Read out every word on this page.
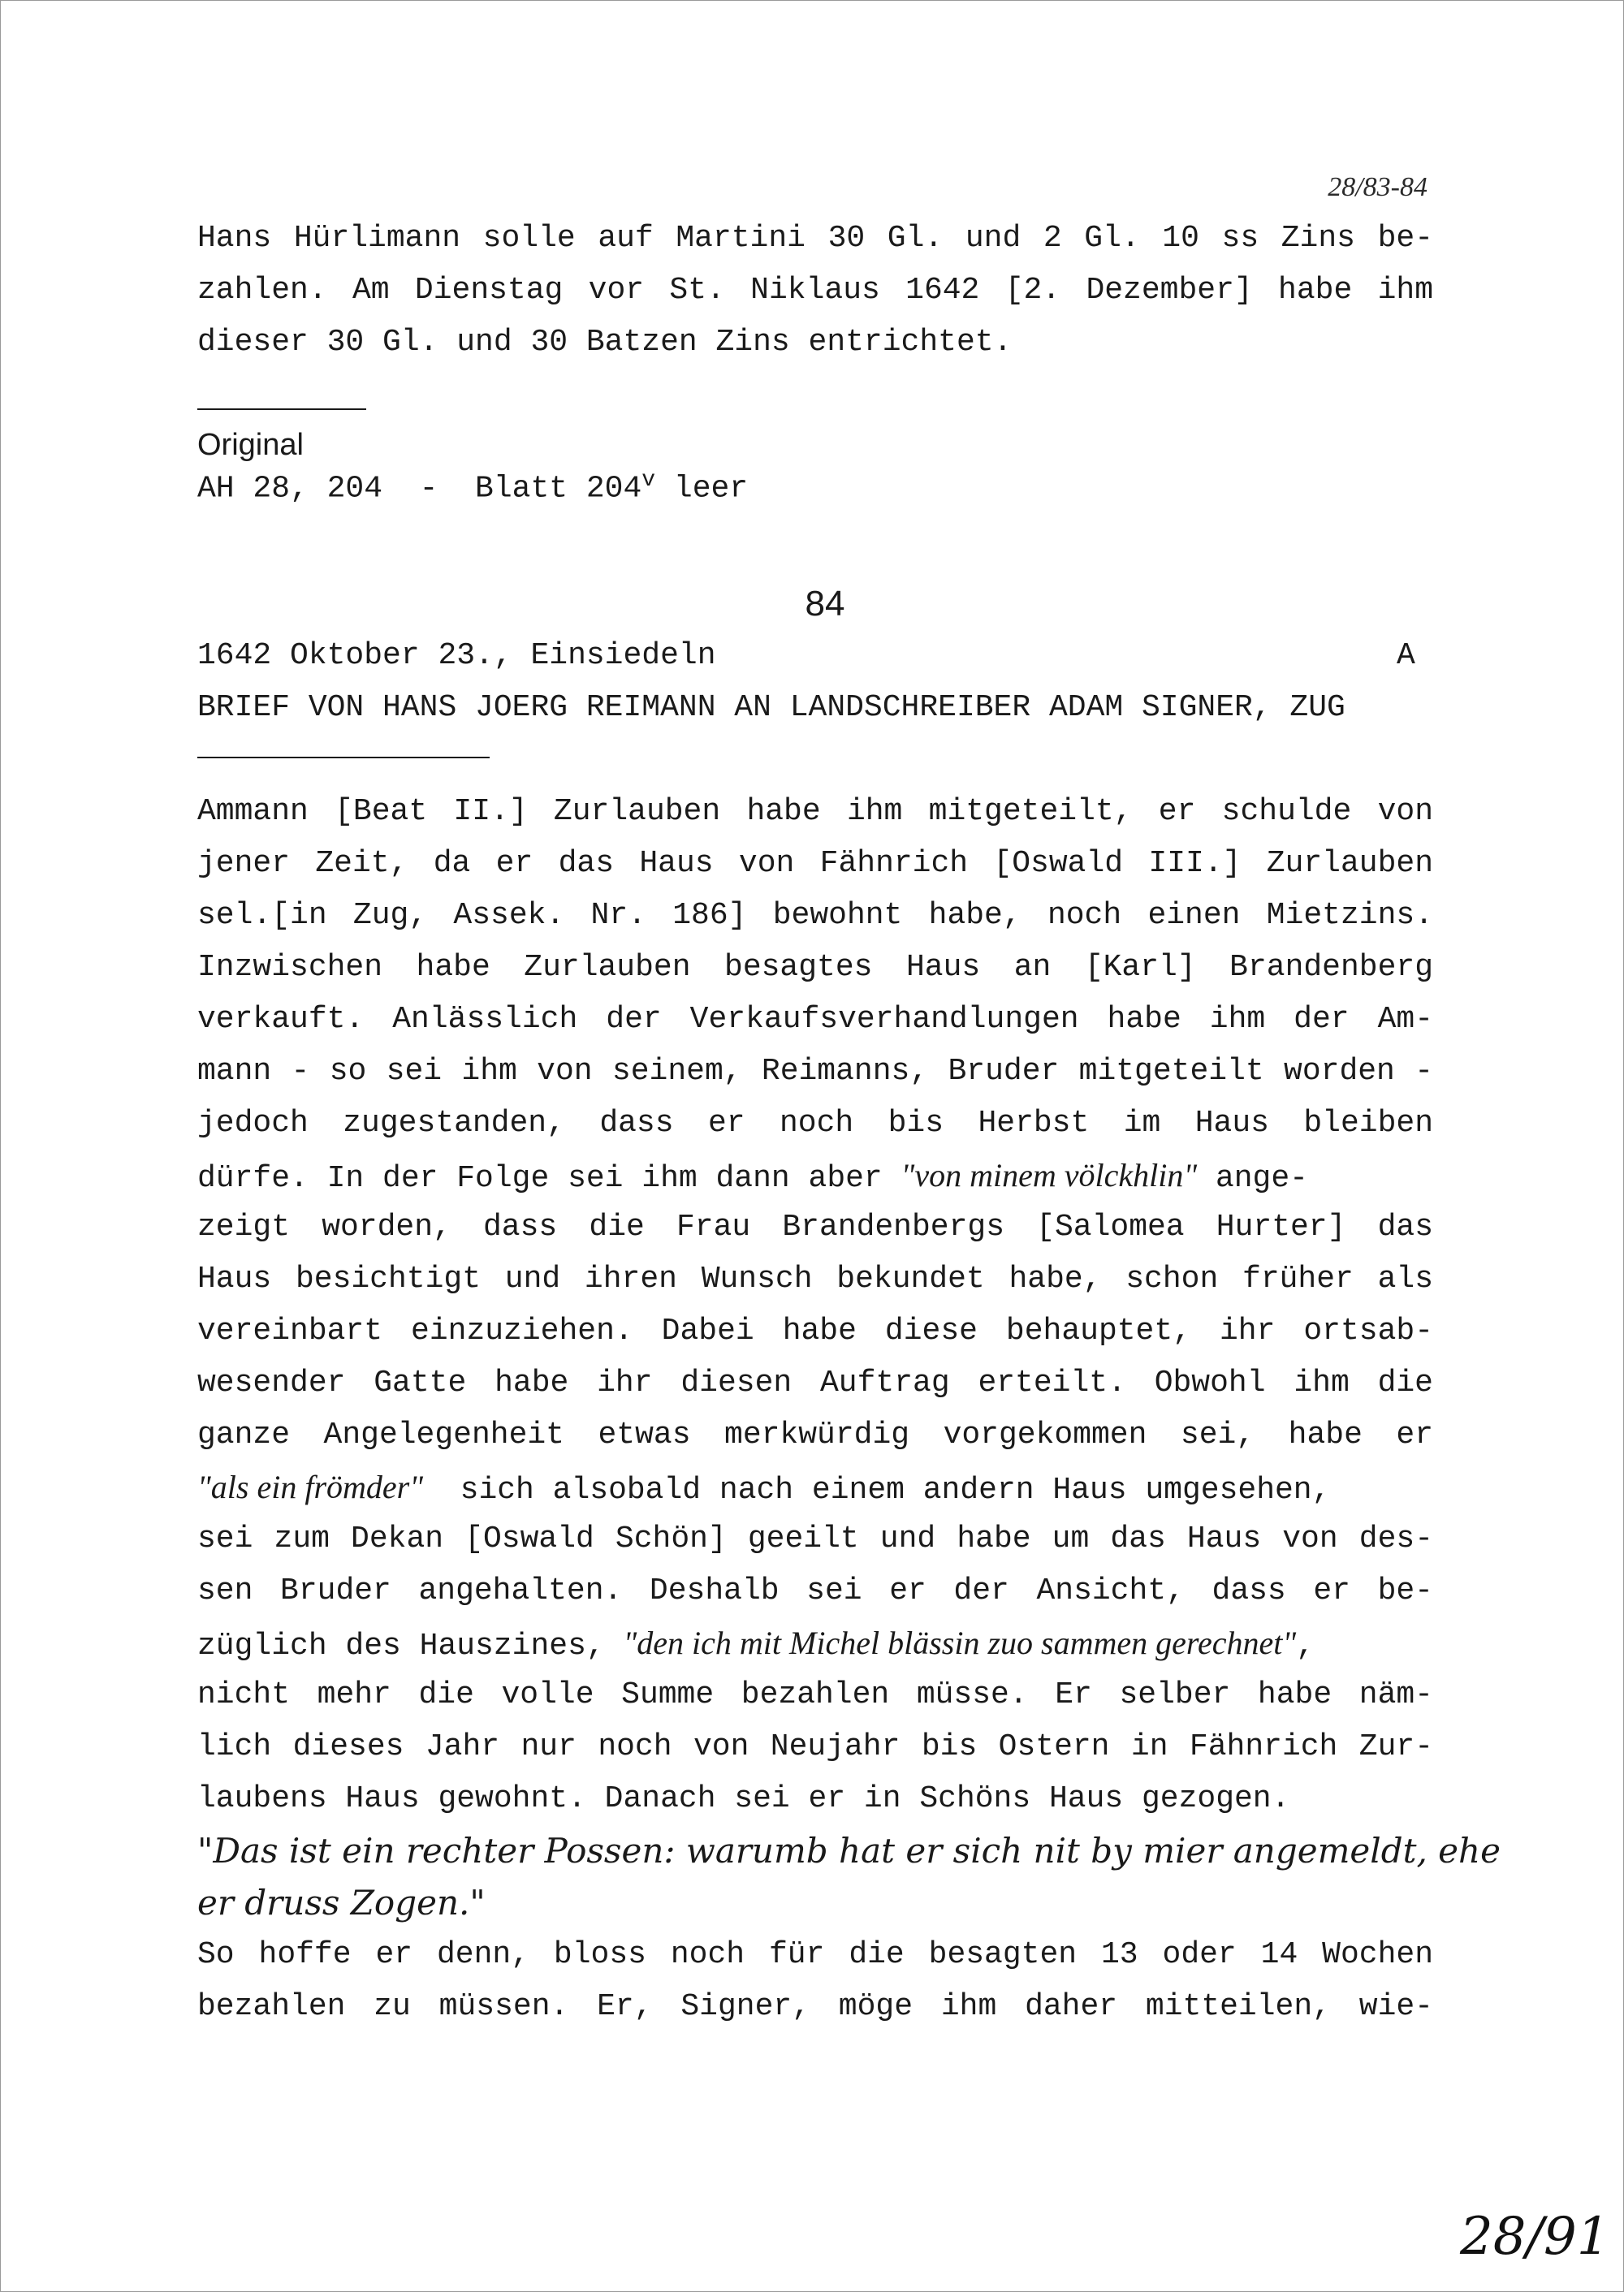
28/83-84
Hans Hürlimann solle auf Martini 30 Gl. und 2 Gl. 10 ss Zins be-
zahlen. Am Dienstag vor St. Niklaus 1642 [2. Dezember] habe ihm
dieser 30 Gl. und 30 Batzen Zins entrichtet.
Original
AH 28, 204  -  Blatt 204$^v$ leer
84
1642 Oktober 23., Einsiedeln	A
BRIEF VON HANS JOERG REIMANN AN LANDSCHREIBER ADAM SIGNER, ZUG
Ammann [Beat II.] Zurlauben habe ihm mitgeteilt, er schulde von
jener Zeit, da er das Haus von Fähnrich [Oswald III.] Zurlauben
sel.[in Zug, Assek. Nr. 186] bewohnt habe, noch einen Mietzins.
Inzwischen habe Zurlauben besagtes Haus an [Karl] Brandenberg
verkauft. Anlässlich der Verkaufsverhandlungen habe ihm der Am-
mann - so sei ihm von seinem, Reimanns, Bruder mitgeteilt worden -
jedoch zugestanden, dass er noch bis Herbst im Haus bleiben
dürfe. In der Folge sei ihm dann aber "von minem völckhlin" ange-
zeigt worden, dass die Frau Brandenbergs [Salomea Hurter] das
Haus besichtigt und ihren Wunsch bekundet habe, schon früher als
vereinbart einzuziehen. Dabei habe diese behauptet, ihr ortsab-
wesender Gatte habe ihr diesen Auftrag erteilt. Obwohl ihm die
ganze Angelegenheit etwas merkwürdig vorgekommen sei, habe er
"als ein frömder"  sich alsobald nach einem andern Haus umgesehen,
sei zum Dekan [Oswald Schön] geeilt und habe um das Haus von des-
sen Bruder angehalten. Deshalb sei er der Ansicht, dass er be-
züglich des Hauszines, "den ich mit Michel blässin zuo sammen gerechnet",
nicht mehr die volle Summe bezahlen müsse. Er selber habe näm-
lich dieses Jahr nur noch von Neujahr bis Ostern in Fähnrich Zur-
laubens Haus gewohnt. Danach sei er in Schöns Haus gezogen.
"Das ist ein rechter Possen: warumb hat er sich nit by mier angemeldt, ehe
er druss Zogen."
So hoffe er denn, bloss noch für die besagten 13 oder 14 Wochen
bezahlen zu müssen. Er, Signer, möge ihm daher mitteilen, wie-
28/91
